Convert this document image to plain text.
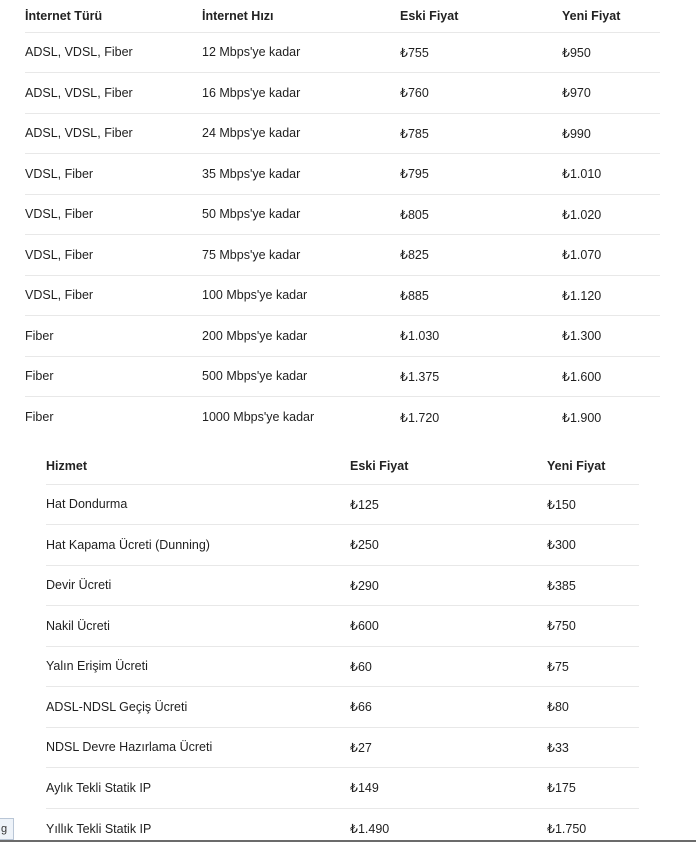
	İnternet Türü	İnternet Hızı	Eski Fiyat	Yeni Fiyat
	ADSL, VDSL, Fiber	12 Mbps'ye kadar	₺755	₺950
	ADSL, VDSL, Fiber	16 Mbps'ye kadar	₺760	₺970
	ADSL, VDSL, Fiber	24 Mbps'ye kadar	₺785	₺990
	VDSL, Fiber	35 Mbps'ye kadar	₺795	₺1.010
	VDSL, Fiber	50 Mbps'ye kadar	₺805	₺1.020
	VDSL, Fiber	75 Mbps'ye kadar	₺825	₺1.070
	VDSL, Fiber	100 Mbps'ye kadar	₺885	₺1.120
	Fiber	200 Mbps'ye kadar	₺1.030	₺1.300
	Fiber	500 Mbps'ye kadar	₺1.375	₺1.600
	Fiber	1000 Mbps'ye kadar	₺1.720	₺1.900
	Hizmet	Eski Fiyat	Yeni Fiyat
	Hat Dondurma	₺125	₺150
	Hat Kapama Ücreti (Dunning)	₺250	₺300
	Devir Ücreti	₺290	₺385
	Nakil Ücreti	₺600	₺750
	Yalın Erişim Ücreti	₺60	₺75
	ADSL-NDSL Geçiş Ücreti	₺66	₺80
	NDSL Devre Hazırlama Ücreti	₺27	₺33
	Aylık Tekli Statik IP	₺149	₺175
	Yıllık Tekli Statik IP	₺1.490	₺1.750
g
